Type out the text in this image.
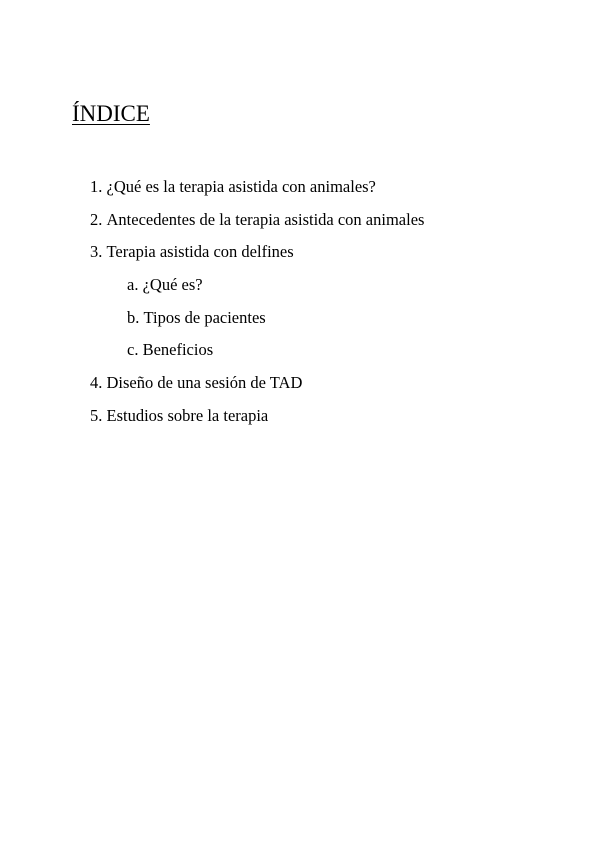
ÍNDICE
1. ¿Qué es la terapia asistida con animales?
2. Antecedentes de la terapia asistida con animales
3. Terapia asistida con delfines
a. ¿Qué es?
b. Tipos de pacientes
c. Beneficios
4. Diseño de una sesión de TAD
5. Estudios sobre la terapia
